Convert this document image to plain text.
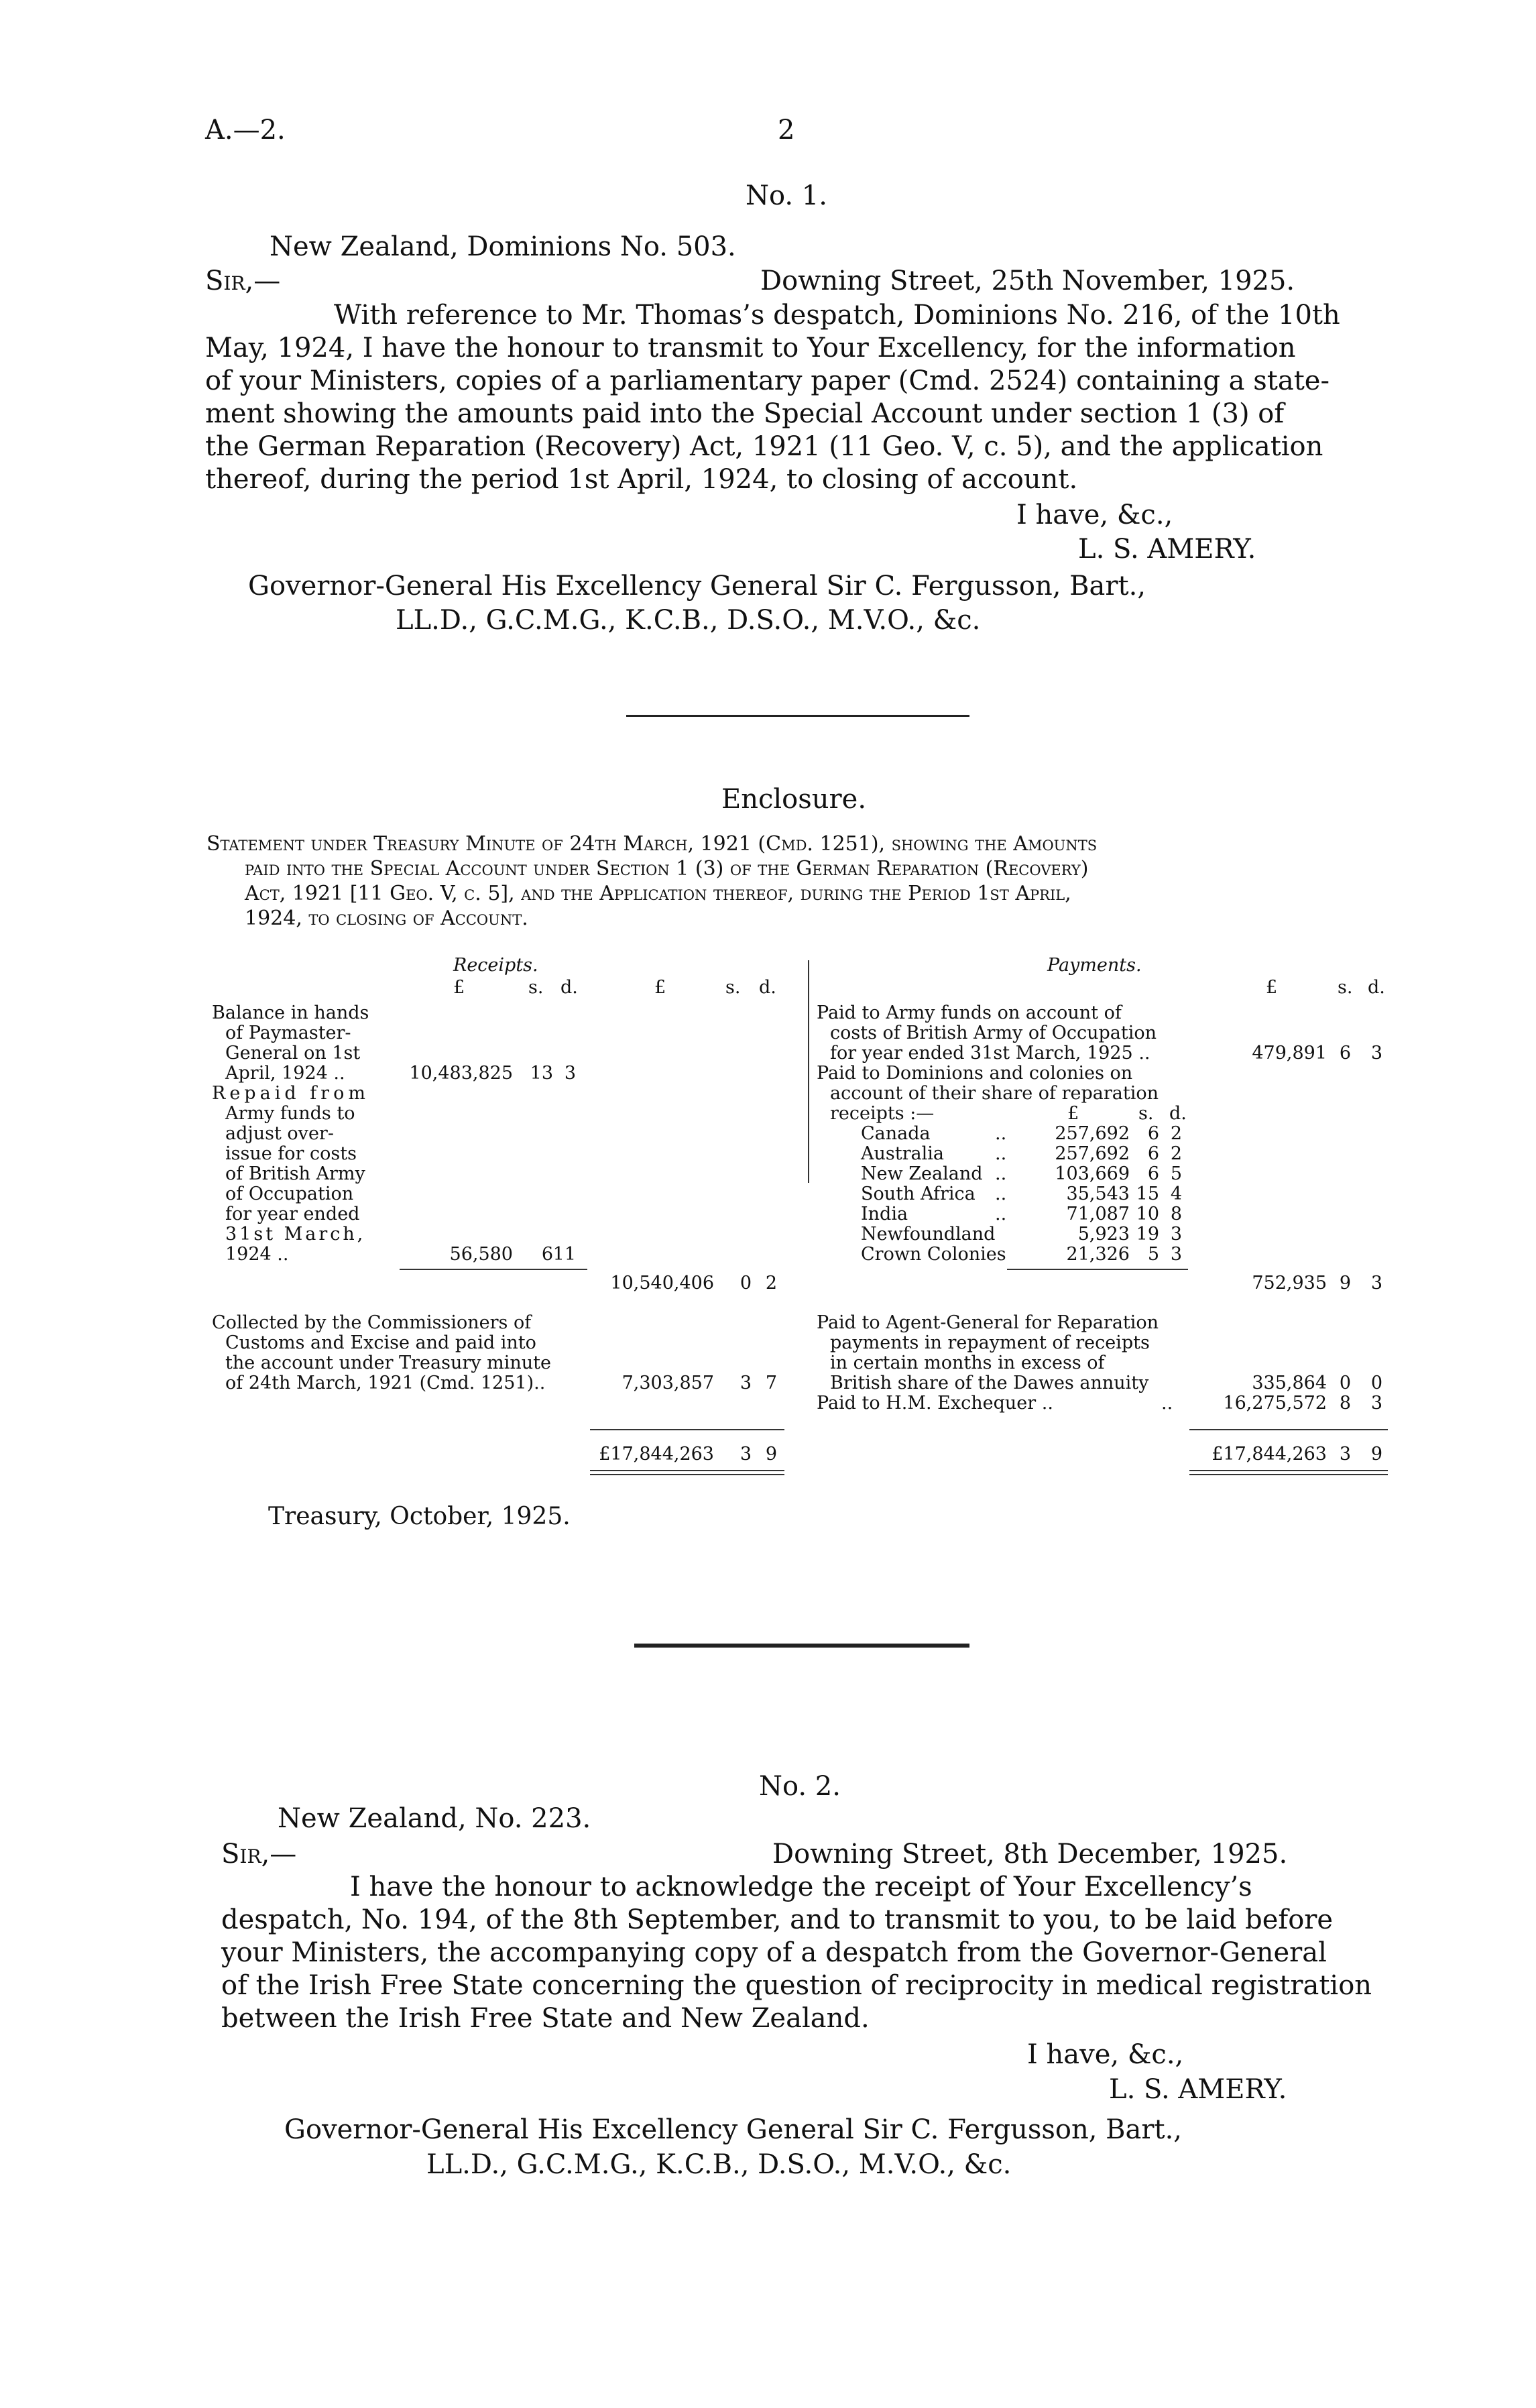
A.—2.	2
No. 1.
New Zealand, Dominions No. 503.
Sir,—	Downing Street, 25th November, 1925.
With reference to Mr. Thomas’s despatch, Dominions No. 216, of the 10th
May, 1924, I have the honour to transmit to Your Excellency, for the information
of your Ministers, copies of a parliamentary paper (Cmd. 2524) containing a state-
ment showing the amounts paid into the Special Account under section 1 (3) of
the German Reparation (Recovery) Act, 1921 (11 Geo. V, c. 5), and the application
thereof, during the period 1st April, 1924, to closing of account.
I have, &c.,
L. S. AMERY.
Governor-General His Excellency General Sir C. Fergusson, Bart.,
LL.D., G.C.M.G., K.C.B., D.S.O., M.V.O., &c.
Enclosure.
Statement under Treasury Minute of 24th March, 1921 (Cmd. 1251), showing the Amounts
paid into the Special Account under Section 1 (3) of the German Reparation (Recovery)
Act, 1921 [11 Geo. V, c. 5], and the Application thereof, during the Period 1st April,
1924, to closing of Account.
Receipts.
£	s. d.	£	s. d.
Balance in hands
of Paymaster-
General on 1st
April, 1924 ..	10,483,825 13 3
Repaid from
Army funds to
adjust over-
issue for costs
of British Army
of Occupation
for year ended
31st March,
1924 ..	56,580 6 11
10,540,406 0 2
Collected by the Commissioners of
Customs and Excise and paid into
the account under Treasury minute
of 24th March, 1921 (Cmd. 1251)..	7,303,857 3 7
£17,844,263 3 9
Payments.
£	s. d.
Paid to Army funds on account of
costs of British Army of Occupation
for year ended 31st March, 1925 ..	479,891 6 3
Paid to Dominions and colonies on
account of their share of reparation
receipts :—	£	s. d.
Canada	..	257,692 6 2
Australia	..	257,692 6 2
New Zealand ..	103,669 6 5
South Africa ..	35,543 15 4
India	..	71,087 10 8
Newfoundland	5,923 19 3
Crown Colonies	21,326 5 3
752,935 9 3
Paid to Agent-General for Reparation
payments in repayment of receipts
in certain months in excess of
British share of the Dawes annuity	335,864 0 0
Paid to H.M. Exchequer ..	..	16,275,572 8 3
£17,844,263 3 9
Treasury, October, 1925.
No. 2.
New Zealand, No. 223.
Sir,—	Downing Street, 8th December, 1925.
I have the honour to acknowledge the receipt of Your Excellency’s
despatch, No. 194, of the 8th September, and to transmit to you, to be laid before
your Ministers, the accompanying copy of a despatch from the Governor-General
of the Irish Free State concerning the question of reciprocity in medical registration
between the Irish Free State and New Zealand.
I have, &c.,
L. S. AMERY.
Governor-General His Excellency General Sir C. Fergusson, Bart.,
LL.D., G.C.M.G., K.C.B., D.S.O., M.V.O., &c.
